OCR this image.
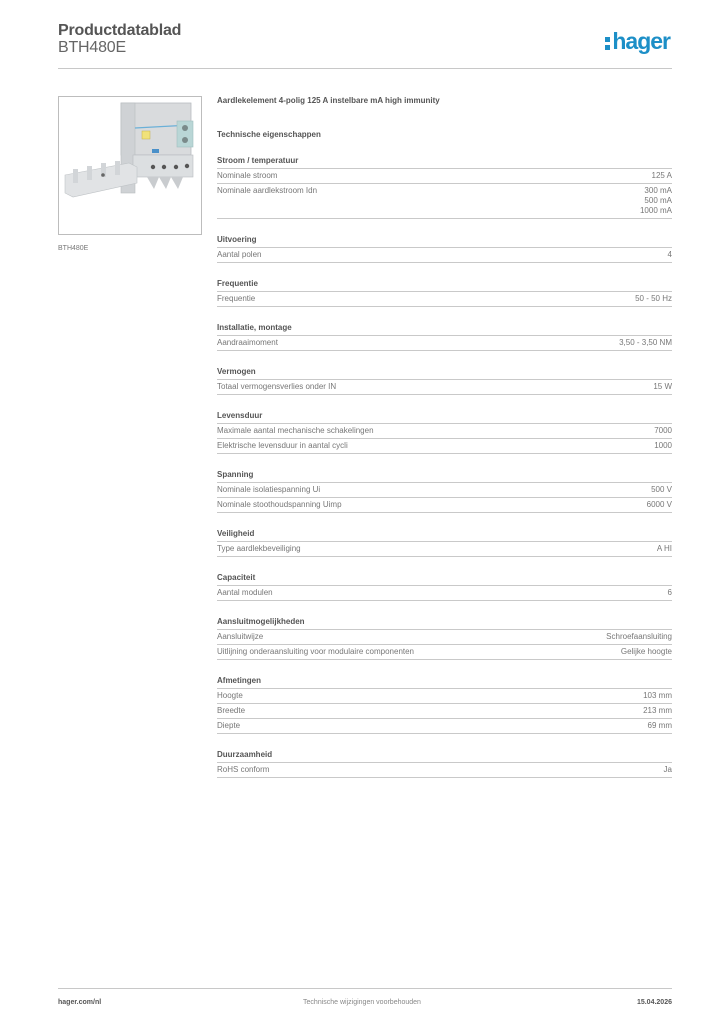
Productdatablad
BTH480E	hager
BTH480E
Aardlekelement 4-polig 125 A instelbare mA high immunity
Technische eigenschappen
Stroom / temperatuur
Nominale stroom	125 A
Nominale aardlekstroom Idn	300 mA
500 mA
1000 mA
Uitvoering
Aantal polen	4
Frequentie
Frequentie	50 - 50 Hz
Installatie, montage
Aandraaimoment	3,50 - 3,50 NM
Vermogen
Totaal vermogensverlies onder IN	15 W
Levensduur
Maximale aantal mechanische schakelingen	7000
Elektrische levensduur in aantal cycli	1000
Spanning
Nominale isolatiespanning Ui	500 V
Nominale stoothoudspanning Uimp	6000 V
Veiligheid
Type aardlekbeveiliging	A HI
Capaciteit
Aantal modulen	6
Aansluitmogelijkheden
Aansluitwijze	Schroefaansluiting
Uitlijning onderaansluiting voor modulaire componenten	Gelijke hoogte
Afmetingen
Hoogte	103 mm
Breedte	213 mm
Diepte	69 mm
Duurzaamheid
RoHS conform	Ja
hager.com/nl	Technische wijzigingen voorbehouden	15.04.2026
